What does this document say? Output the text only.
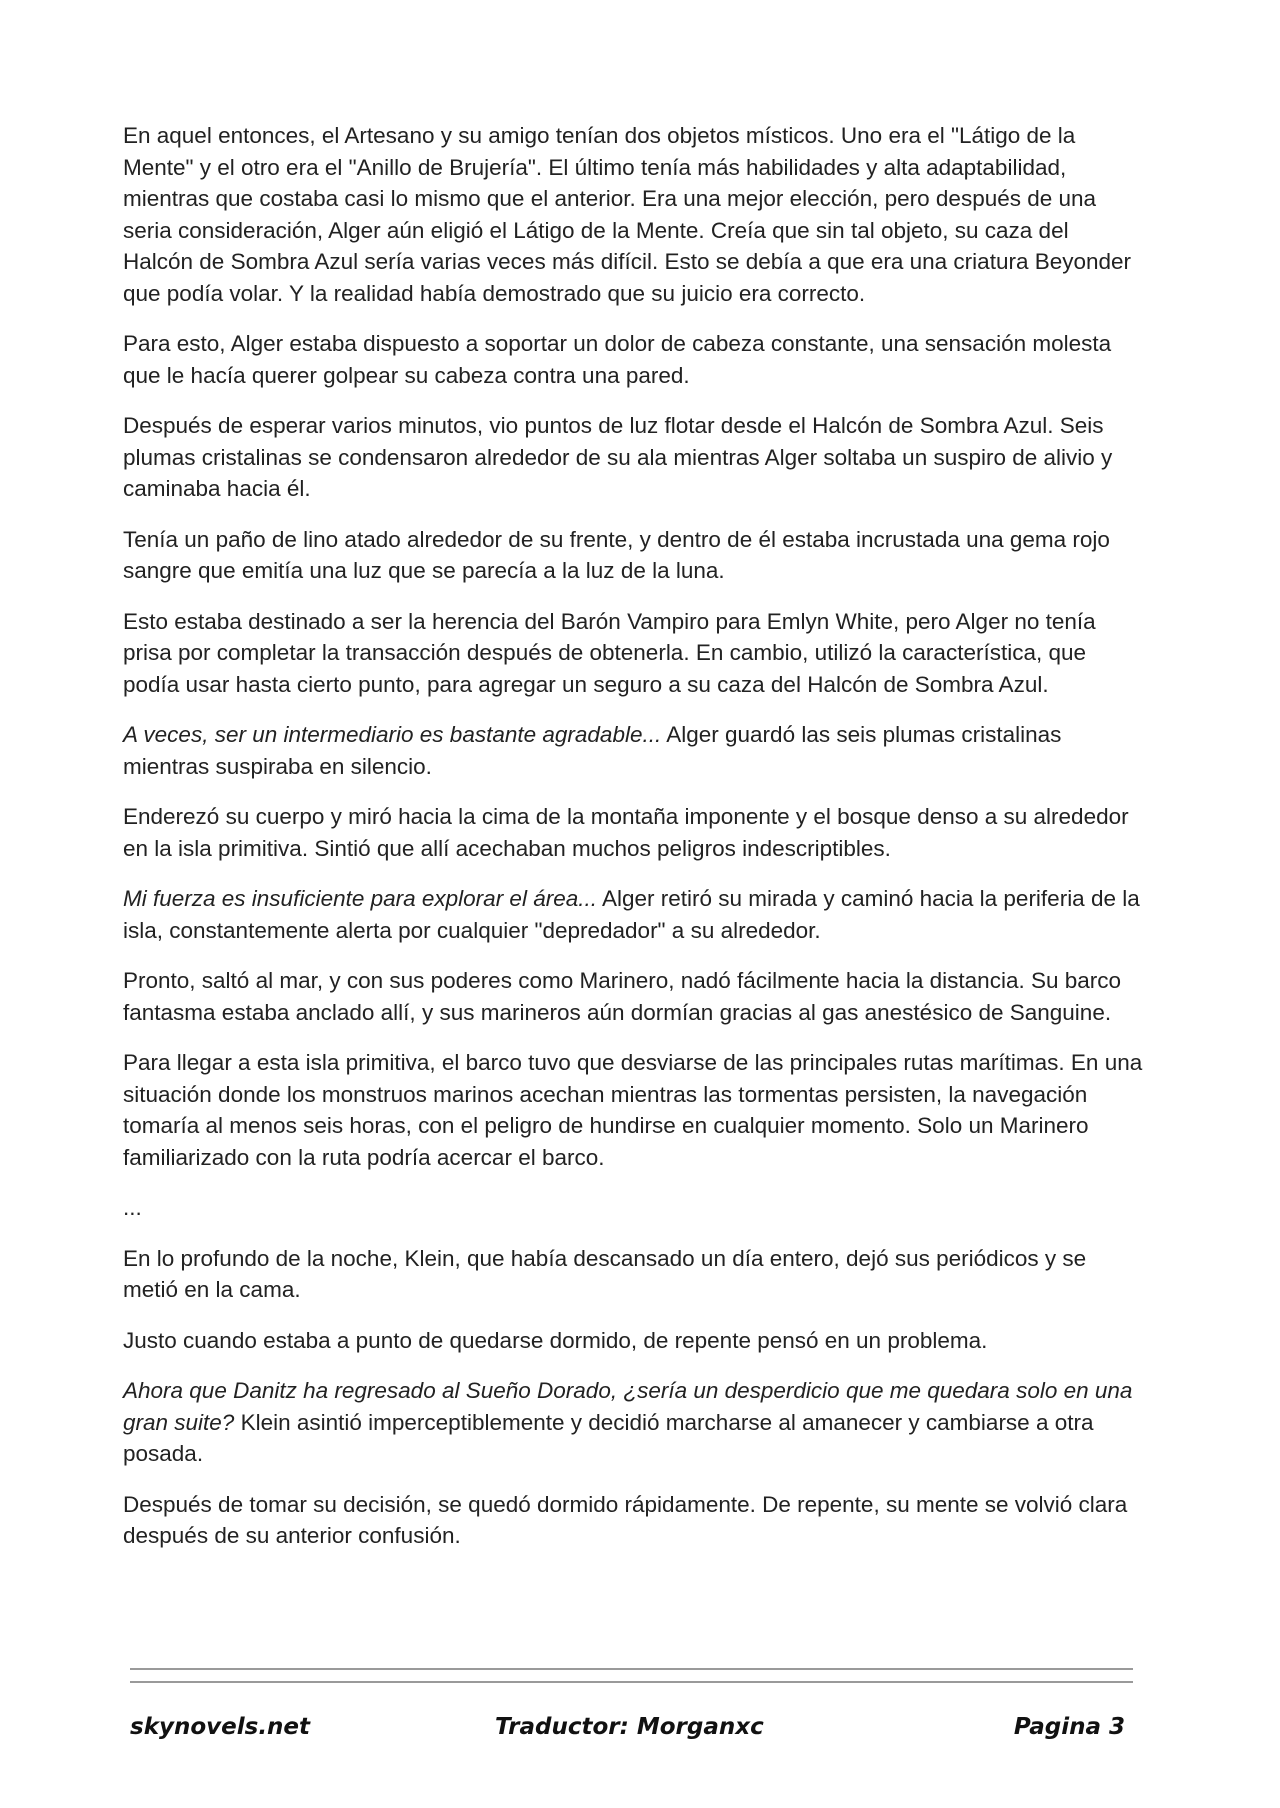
En aquel entonces, el Artesano y su amigo tenían dos objetos místicos. Uno era el "Látigo de la Mente" y el otro era el "Anillo de Brujería". El último tenía más habilidades y alta adaptabilidad, mientras que costaba casi lo mismo que el anterior. Era una mejor elección, pero después de una seria consideración, Alger aún eligió el Látigo de la Mente. Creía que sin tal objeto, su caza del Halcón de Sombra Azul sería varias veces más difícil. Esto se debía a que era una criatura Beyonder que podía volar. Y la realidad había demostrado que su juicio era correcto.

Para esto, Alger estaba dispuesto a soportar un dolor de cabeza constante, una sensación molesta que le hacía querer golpear su cabeza contra una pared.

Después de esperar varios minutos, vio puntos de luz flotar desde el Halcón de Sombra Azul. Seis plumas cristalinas se condensaron alrededor de su ala mientras Alger soltaba un suspiro de alivio y caminaba hacia él.

Tenía un paño de lino atado alrededor de su frente, y dentro de él estaba incrustada una gema rojo sangre que emitía una luz que se parecía a la luz de la luna.

Esto estaba destinado a ser la herencia del Barón Vampiro para Emlyn White, pero Alger no tenía prisa por completar la transacción después de obtenerla. En cambio, utilizó la característica, que podía usar hasta cierto punto, para agregar un seguro a su caza del Halcón de Sombra Azul.

A veces, ser un intermediario es bastante agradable... Alger guardó las seis plumas cristalinas mientras suspiraba en silencio.

Enderezó su cuerpo y miró hacia la cima de la montaña imponente y el bosque denso a su alrededor en la isla primitiva. Sintió que allí acechaban muchos peligros indescriptibles.

Mi fuerza es insuficiente para explorar el área... Alger retiró su mirada y caminó hacia la periferia de la isla, constantemente alerta por cualquier "depredador" a su alrededor.

Pronto, saltó al mar, y con sus poderes como Marinero, nadó fácilmente hacia la distancia. Su barco fantasma estaba anclado allí, y sus marineros aún dormían gracias al gas anestésico de Sanguine.

Para llegar a esta isla primitiva, el barco tuvo que desviarse de las principales rutas marítimas. En una situación donde los monstruos marinos acechan mientras las tormentas persisten, la navegación tomaría al menos seis horas, con el peligro de hundirse en cualquier momento. Solo un Marinero familiarizado con la ruta podría acercar el barco.

...

En lo profundo de la noche, Klein, que había descansado un día entero, dejó sus periódicos y se metió en la cama.

Justo cuando estaba a punto de quedarse dormido, de repente pensó en un problema.

Ahora que Danitz ha regresado al Sueño Dorado, ¿sería un desperdicio que me quedara solo en una gran suite? Klein asintió imperceptiblemente y decidió marcharse al amanecer y cambiarse a otra posada.

Después de tomar su decisión, se quedó dormido rápidamente. De repente, su mente se volvió clara después de su anterior confusión.

skynovels.net	Traductor: Morganxc	Pagina 3
